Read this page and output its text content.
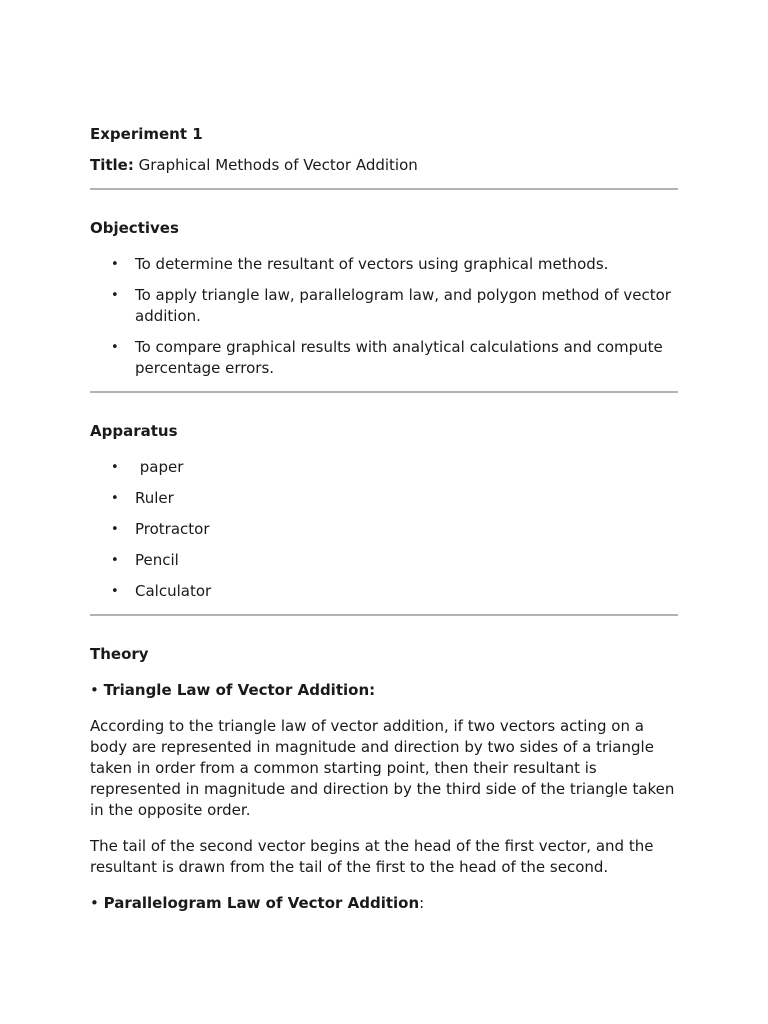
Experiment 1

Title: Graphical Methods of Vector Addition

Objectives

• To determine the resultant of vectors using graphical methods.
• To apply triangle law, parallelogram law, and polygon method of vector addition.
• To compare graphical results with analytical calculations and compute percentage errors.

Apparatus

• paper
• Ruler
• Protractor
• Pencil
• Calculator

Theory

• Triangle Law of Vector Addition:

According to the triangle law of vector addition, if two vectors acting on a body are represented in magnitude and direction by two sides of a triangle taken in order from a common starting point, then their resultant is represented in magnitude and direction by the third side of the triangle taken in the opposite order.

The tail of the second vector begins at the head of the first vector, and the resultant is drawn from the tail of the first to the head of the second.

• Parallelogram Law of Vector Addition:
